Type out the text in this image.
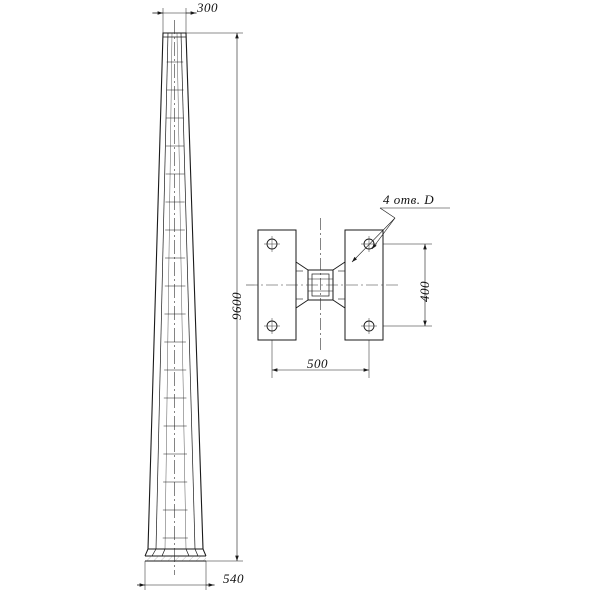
300
9600
540
400
500
4 отв. D
